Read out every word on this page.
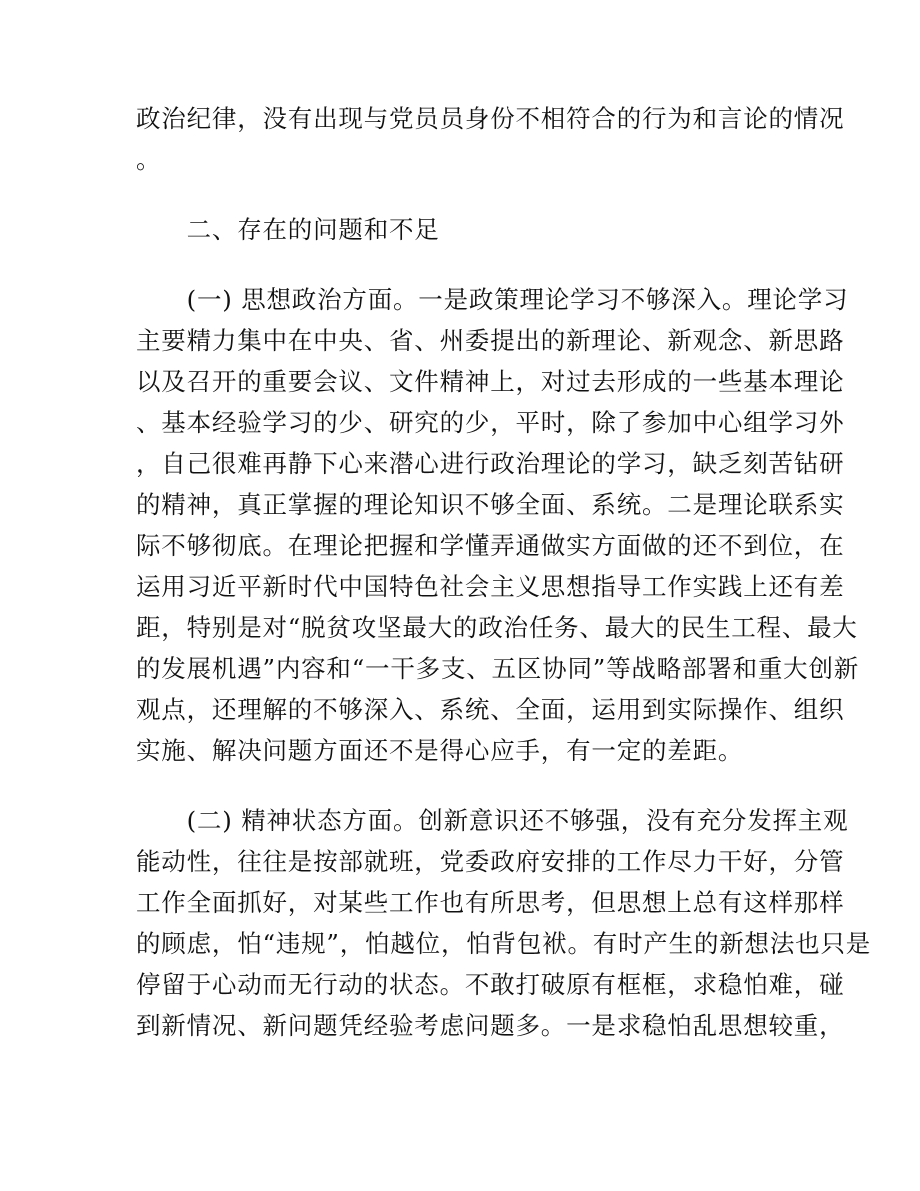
政治纪律，没有出现与党员员身份不相符合的行为和言论的情况
。
　　二、存在的问题和不足
　　(一) 思想政治方面。一是政策理论学习不够深入。理论学习
主要精力集中在中央、省、州委提出的新理论、新观念、新思路
以及召开的重要会议、文件精神上，对过去形成的一些基本理论
、基本经验学习的少、研究的少，平时，除了参加中心组学习外
，自己很难再静下心来潜心进行政治理论的学习，缺乏刻苦钻研
的精神，真正掌握的理论知识不够全面、系统。二是理论联系实
际不够彻底。在理论把握和学懂弄通做实方面做的还不到位，在
运用习近平新时代中国特色社会主义思想指导工作实践上还有差
距，特别是对“脱贫攻坚最大的政治任务、最大的民生工程、最大
的发展机遇”内容和“一干多支、五区协同”等战略部署和重大创新
观点，还理解的不够深入、系统、全面，运用到实际操作、组织
实施、解决问题方面还不是得心应手，有一定的差距。
　　(二) 精神状态方面。创新意识还不够强，没有充分发挥主观
能动性，往往是按部就班，党委政府安排的工作尽力干好，分管
工作全面抓好，对某些工作也有所思考，但思想上总有这样那样
的顾虑，怕“违规”，怕越位，怕背包袱。有时产生的新想法也只是
停留于心动而无行动的状态。不敢打破原有框框，求稳怕难，碰
到新情况、新问题凭经验考虑问题多。一是求稳怕乱思想较重，
